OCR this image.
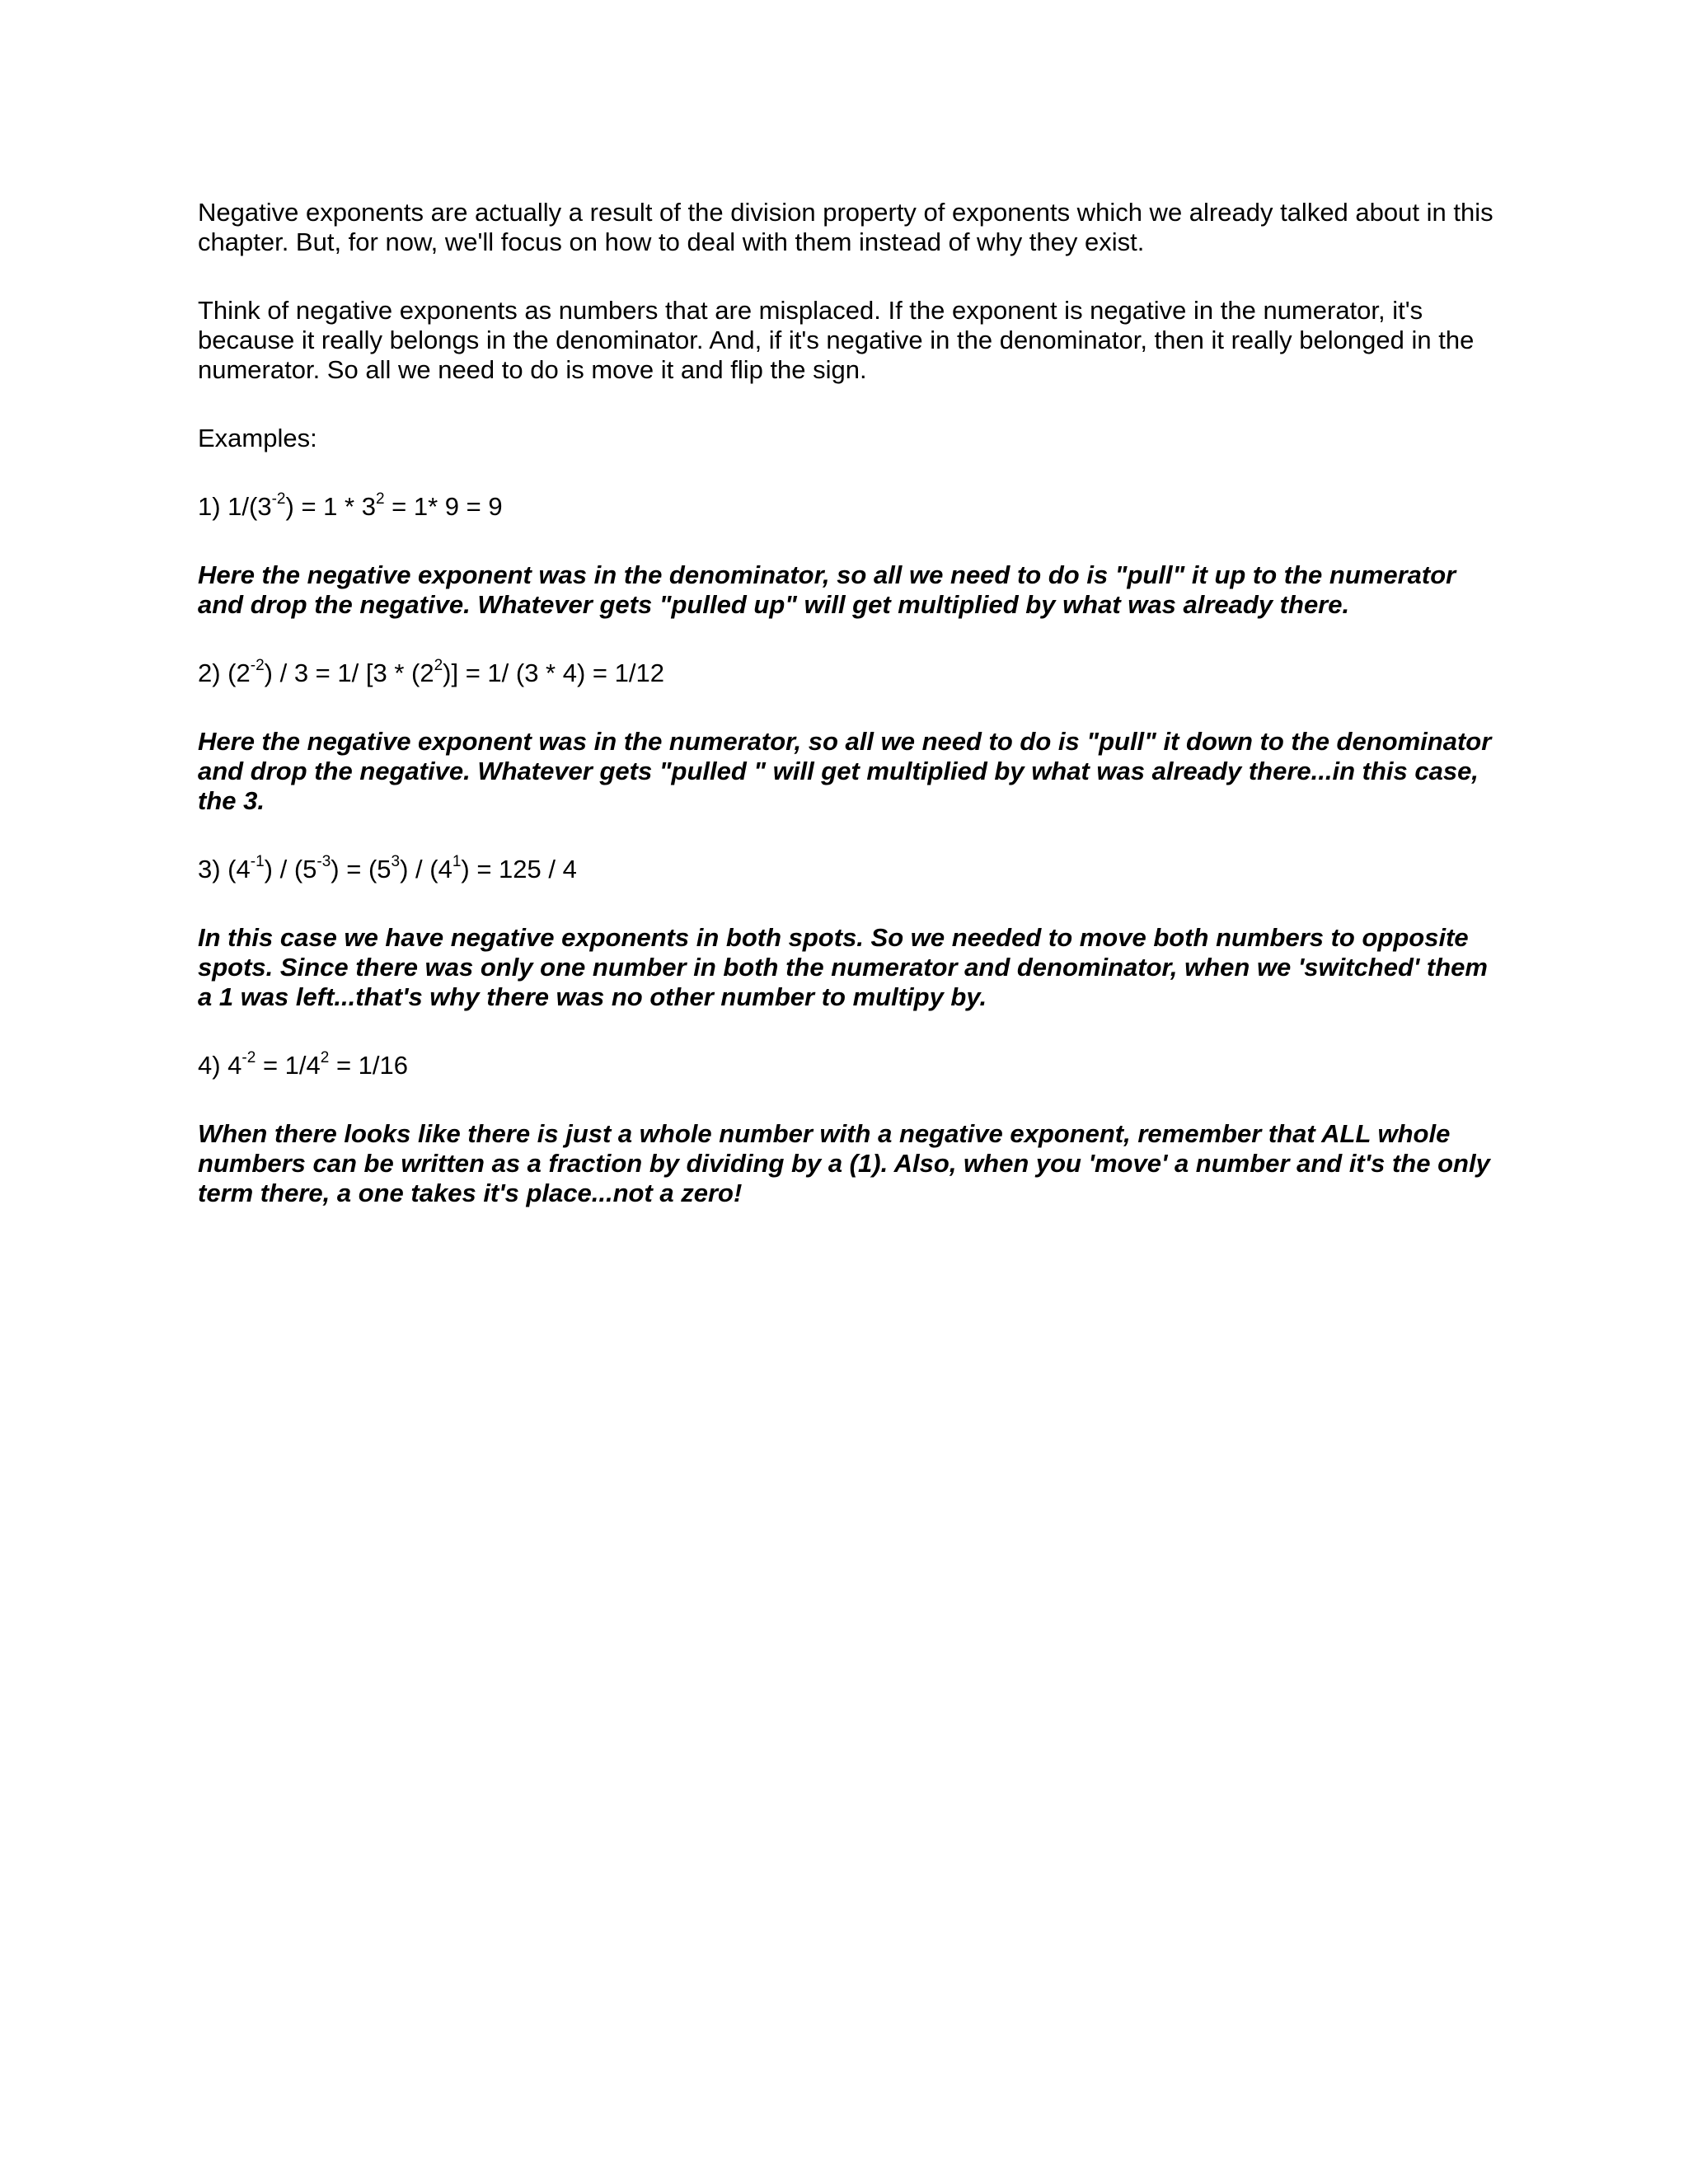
Negative exponents are actually a result of the division property of exponents which we already talked about in this chapter. But, for now, we'll focus on how to deal with them instead of why they exist.

Think of negative exponents as numbers that are misplaced. If the exponent is negative in the numerator, it's because it really belongs in the denominator. And, if it's negative in the denominator, then it really belonged in the numerator. So all we need to do is move it and flip the sign.

Examples:

1) $1/(3^{-2}) = 1 * 3^2 = 1*$ 9 = 9

Here the negative exponent was in the denominator, so all we need to do is "pull" it up to the numerator and drop the negative. Whatever gets "pulled up" will get multiplied by what was already there.

2) $(2^{-2}) / 3 = 1/$ $[3 * (2^2)] = 1/$ (3 * 4) = 1/12

Here the negative exponent was in the numerator, so all we need to do is "pull" it down to the denominator and drop the negative. Whatever gets "pulled " will get multiplied by what was already there...in this case, the 3.

3) $(4^{-1}) / (5^{-3}) = (5^3) / (4^1) = 125 / 4$

In this case we have negative exponents in both spots. So we needed to move both numbers to opposite spots. Since there was only one number in both the numerator and denominator, when we 'switched' them a 1 was left...that's why there was no other number to multipy by.

4) $4^{-2} = 1/4^2 = 1/16$

When there looks like there is just a whole number with a negative exponent, remember that ALL whole numbers can be written as a fraction by dividing by a (1). Also, when you 'move' a number and it's the only term there, a one takes it's place...not a zero!
